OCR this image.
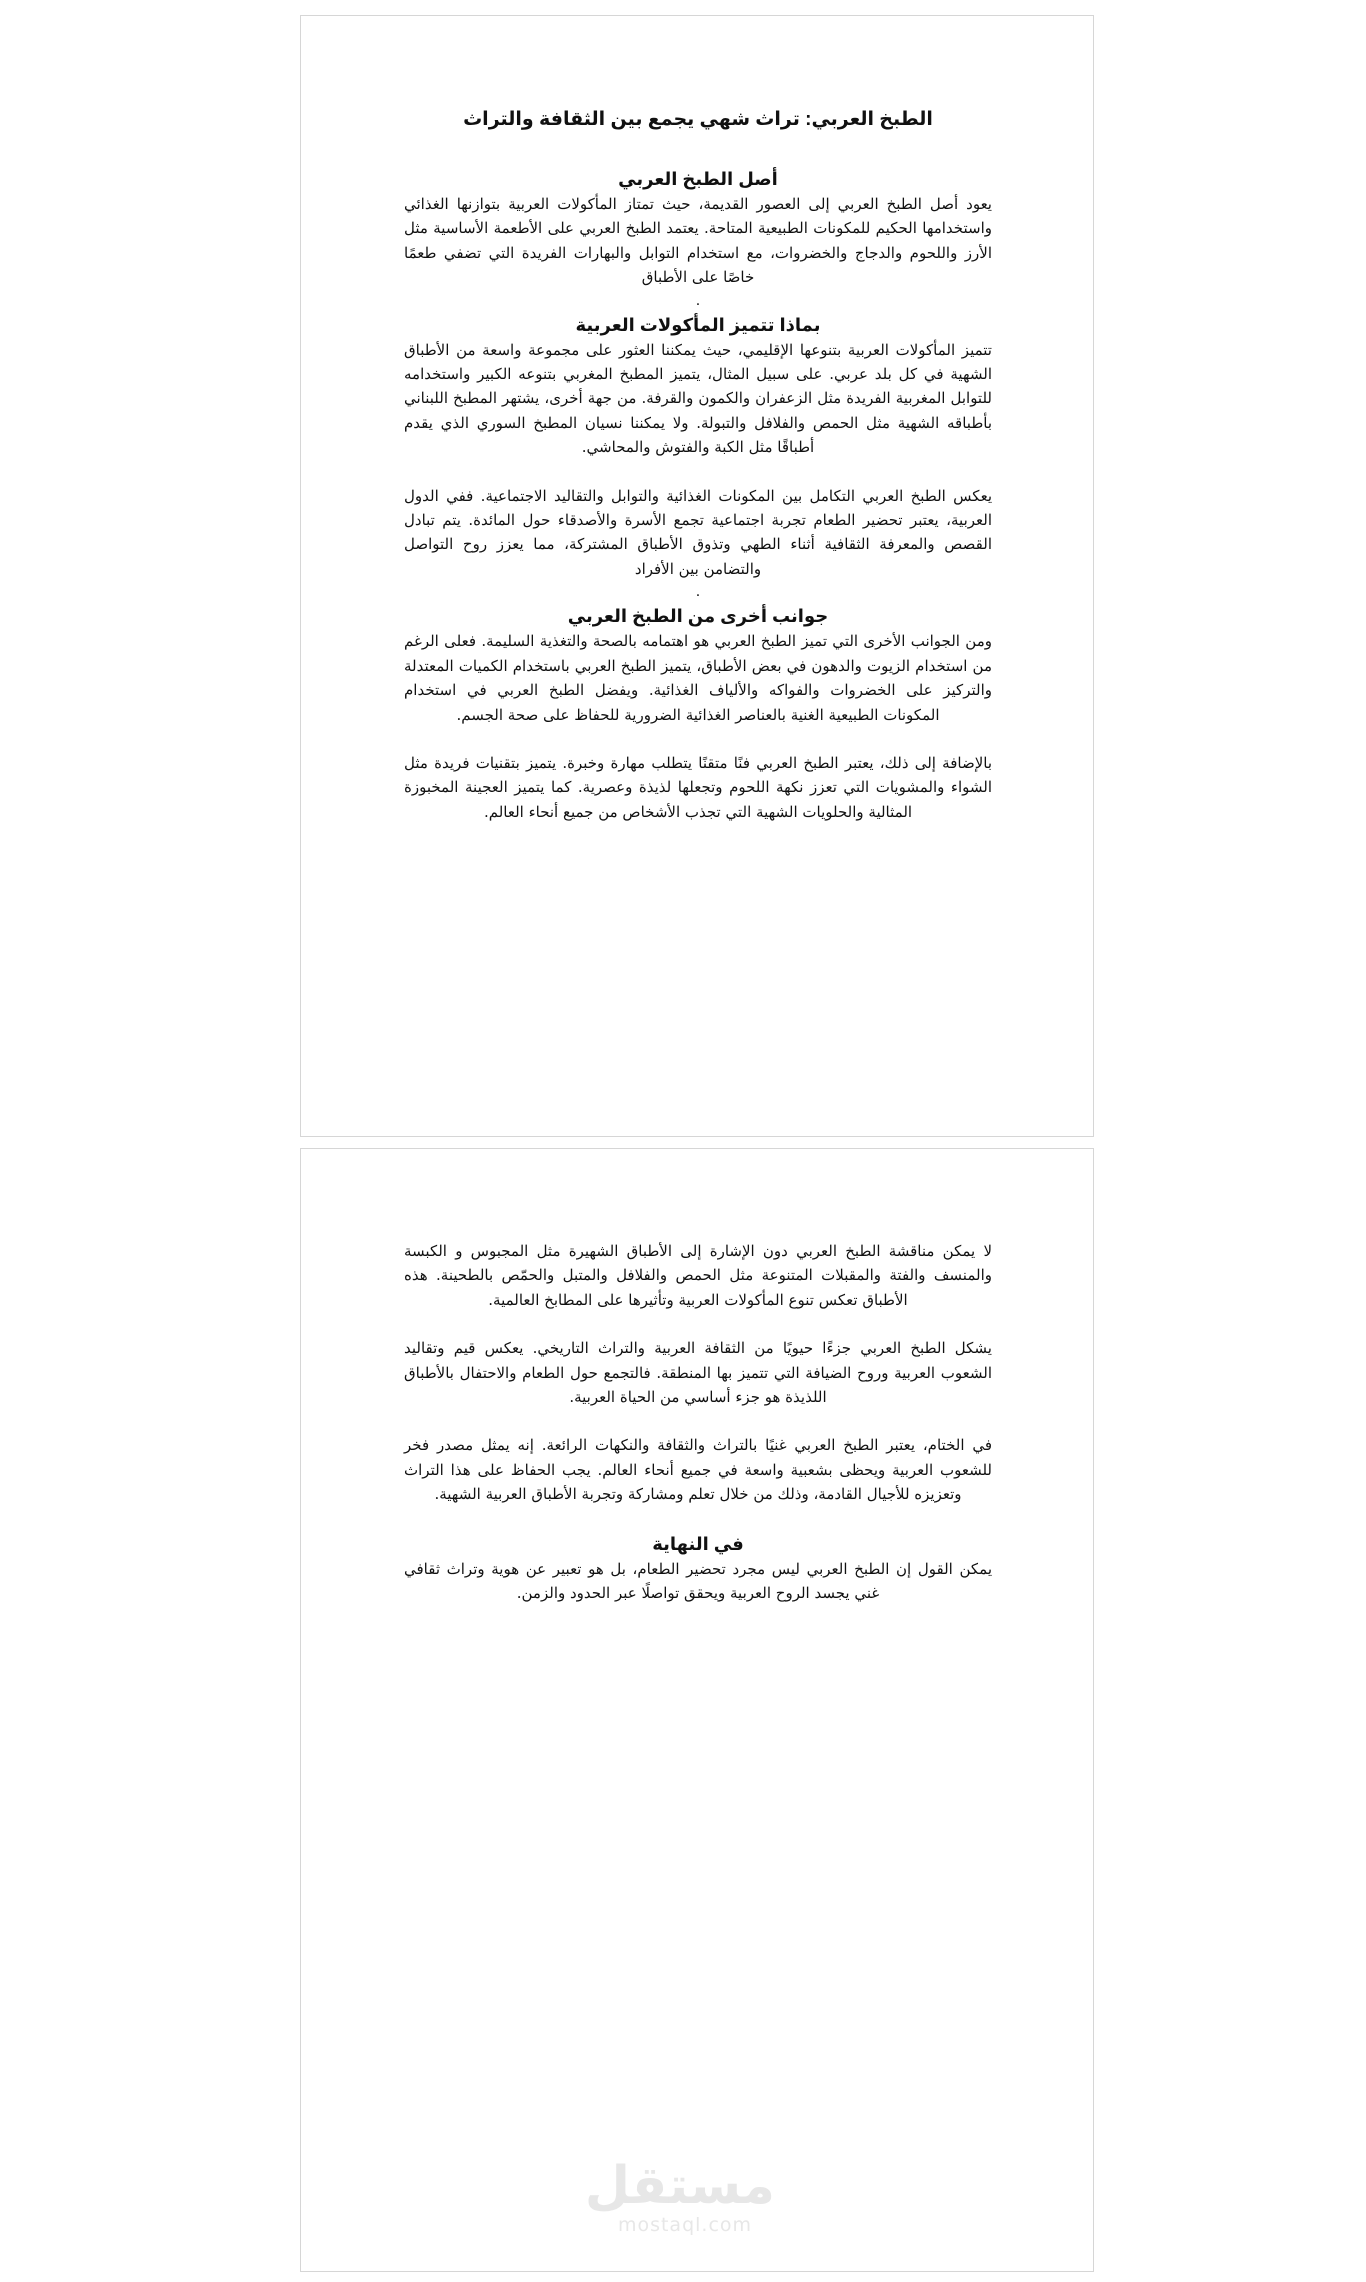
الطبخ العربي: تراث شهي يجمع بين الثقافة والتراث

أصل الطبخ العربي

يعود أصل الطبخ العربي إلى العصور القديمة، حيث تمتاز المأكولات العربية بتوازنها الغذائي واستخدامها الحكيم للمكونات الطبيعية المتاحة. يعتمد الطبخ العربي على الأطعمة الأساسية مثل الأرز واللحوم والدجاج والخضروات، مع استخدام التوابل والبهارات الفريدة التي تضفي طعمًا خاصًا على الأطباق

.

بماذا تتميز المأكولات العربية

تتميز المأكولات العربية بتنوعها الإقليمي، حيث يمكننا العثور على مجموعة واسعة من الأطباق الشهية في كل بلد عربي. على سبيل المثال، يتميز المطبخ المغربي بتنوعه الكبير واستخدامه للتوابل المغربية الفريدة مثل الزعفران والكمون والقرفة. من جهة أخرى، يشتهر المطبخ اللبناني بأطباقه الشهية مثل الحمص والفلافل والتبولة. ولا يمكننا نسيان المطبخ السوري الذي يقدم أطباقًا مثل الكبة والفتوش والمحاشي.

يعكس الطبخ العربي التكامل بين المكونات الغذائية والتوابل والتقاليد الاجتماعية. ففي الدول العربية، يعتبر تحضير الطعام تجربة اجتماعية تجمع الأسرة والأصدقاء حول المائدة. يتم تبادل القصص والمعرفة الثقافية أثناء الطهي وتذوق الأطباق المشتركة، مما يعزز روح التواصل والتضامن بين الأفراد

.

جوانب أخرى من الطبخ العربي

ومن الجوانب الأخرى التي تميز الطبخ العربي هو اهتمامه بالصحة والتغذية السليمة. فعلى الرغم من استخدام الزيوت والدهون في بعض الأطباق، يتميز الطبخ العربي باستخدام الكميات المعتدلة والتركيز على الخضروات والفواكه والألياف الغذائية. ويفضل الطبخ العربي في استخدام المكونات الطبيعية الغنية بالعناصر الغذائية الضرورية للحفاظ على صحة الجسم.

بالإضافة إلى ذلك، يعتبر الطبخ العربي فنًا متقنًا يتطلب مهارة وخبرة. يتميز بتقنيات فريدة مثل الشواء والمشويات التي تعزز نكهة اللحوم وتجعلها لذيذة وعصرية. كما يتميز العجينة المخبوزة المثالية والحلويات الشهية التي تجذب الأشخاص من جميع أنحاء العالم.

لا يمكن مناقشة الطبخ العربي دون الإشارة إلى الأطباق الشهيرة مثل المجبوس و الكبسة والمنسف والفتة والمقبلات المتنوعة مثل الحمص والفلافل والمتبل والحمّص بالطحينة. هذه الأطباق تعكس تنوع المأكولات العربية وتأثيرها على المطابخ العالمية.

يشكل الطبخ العربي جزءًا حيويًا من الثقافة العربية والتراث التاريخي. يعكس قيم وتقاليد الشعوب العربية وروح الضيافة التي تتميز بها المنطقة. فالتجمع حول الطعام والاحتفال بالأطباق اللذيذة هو جزء أساسي من الحياة العربية.

في الختام، يعتبر الطبخ العربي غنيًا بالتراث والثقافة والنكهات الرائعة. إنه يمثل مصدر فخر للشعوب العربية ويحظى بشعبية واسعة في جميع أنحاء العالم. يجب الحفاظ على هذا التراث وتعزيزه للأجيال القادمة، وذلك من خلال تعلم ومشاركة وتجربة الأطباق العربية الشهية.

في النهاية

يمكن القول إن الطبخ العربي ليس مجرد تحضير الطعام، بل هو تعبير عن هوية وتراث ثقافي غني يجسد الروح العربية ويحقق تواصلًا عبر الحدود والزمن.

مستقل
mostaql.com
